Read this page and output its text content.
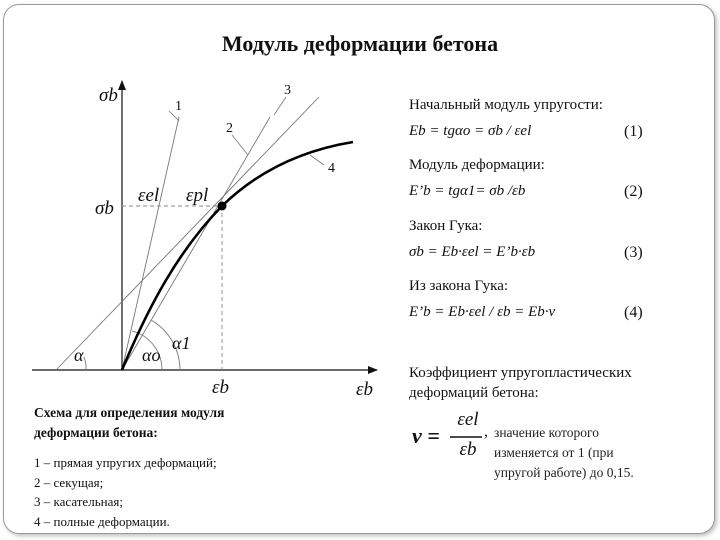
Модуль деформации бетона
σb
σb
εel εpl
εb	εb
α	αo
α1
1
2
3
4
Начальный модуль упругости:
Eb = tgαo = σb / εel	(1)
Модуль деформации:
E’b = tgα1= σb /εb	(2)
Закон Гука:
σb = Eb·εel = E’b·εb	(3)
Из закона Гука:
E’b = Eb·εel / εb = Eb·ν	(4)
Коэффициент упругопластических
деформаций бетона:
ν =
εel
εb
, значение которого
изменяется от 1 (при
упругой работе) до 0,15.
Схема для определения модуля
деформации бетона:
1 – прямая упругих деформаций;
2 – секущая;
3 – касательная;
4 – полные деформации.
